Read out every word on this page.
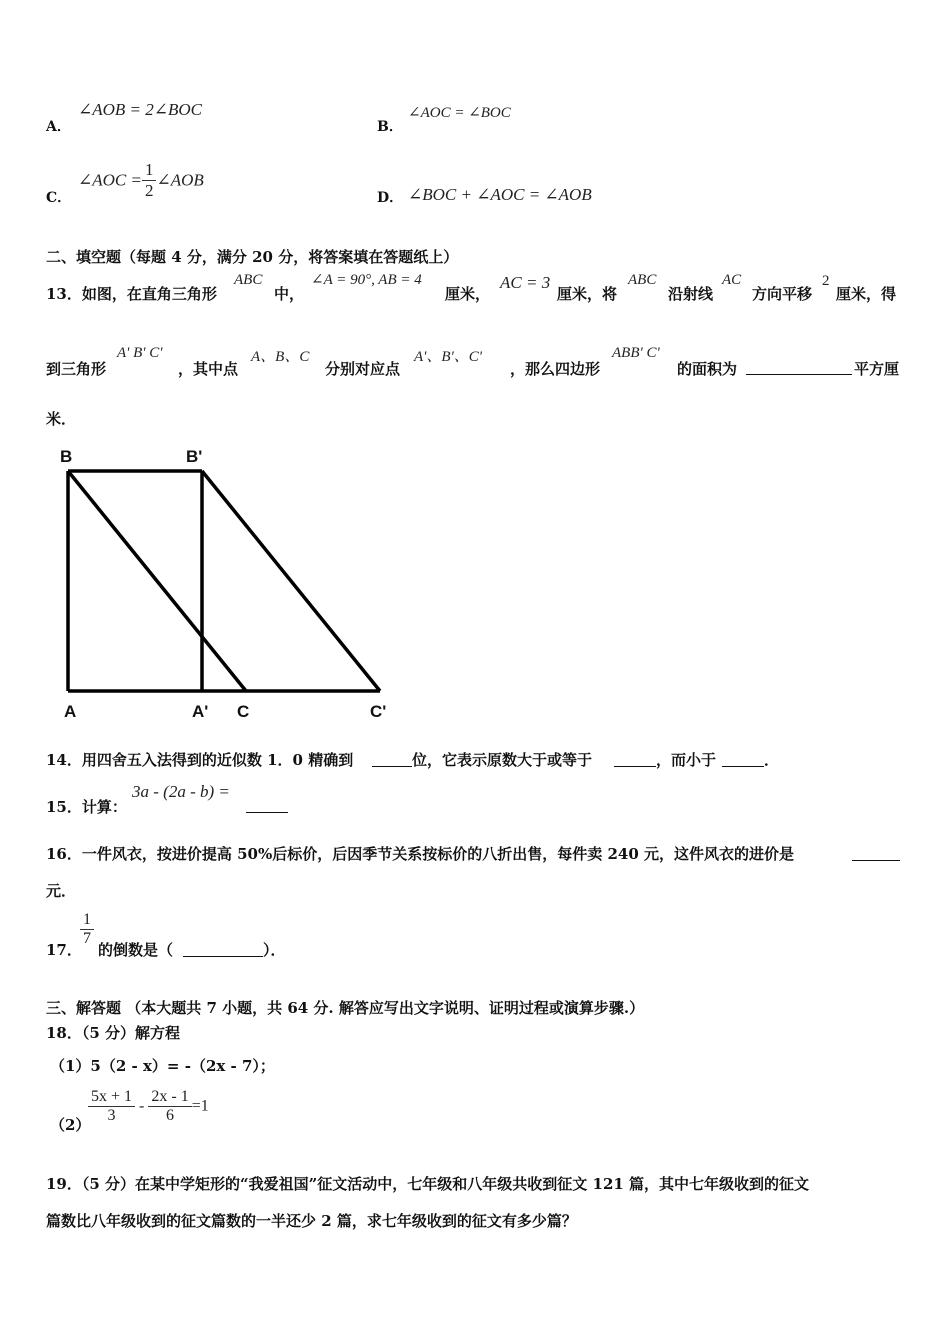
A．
∠AOB = 2∠BOC
B．
∠AOC = ∠BOC
C．
∠AOC = $\frac{1}{2}$ ∠AOB
D． ∠BOC + ∠AOC = ∠AOB
二、填空题（每题 4 分，满分 20 分，将答案填在答题纸上）
13．如图，在直角三角形
ABC
中，
∠A = 90°, AB = 4
厘米，
AC = 3
厘米，将
ABC
沿射线
AC
方向平移
2
厘米，得
到三角形
A' B' C'
，其中点
A、B、C
分别对应点
A'、B'、C'
，那么四边形
ABB' C'
的面积为	平方厘
米．
B	B'
A	A' C	C'
14．用四舍五入法得到的近似数 1．0 精确到	位，它表示原数大于或等于	，而小于	．
15．计算：
3a - (2a - b) =
16．一件风衣，按进价提高 50%后标价，后因季节关系按标价的八折出售，每件卖 240 元，这件风衣的进价是
元．
17．
$\frac{1}{7}$
的倒数是（	）．
三、解答题 （本大题共 7 小题，共 64 分. 解答应写出文字说明、证明过程或演算步骤.）
18．（5 分）解方程
（1）5（2 - x）= -（2x - 7）；
（2）
$\frac{5x + 1}{3} - \frac{2x - 1}{6} =1$
19．（5 分）在某中学矩形的“我爱祖国”征文活动中，七年级和八年级共收到征文 121 篇，其中七年级收到的征文
篇数比八年级收到的征文篇数的一半还少 2 篇，求七年级收到的征文有多少篇？
